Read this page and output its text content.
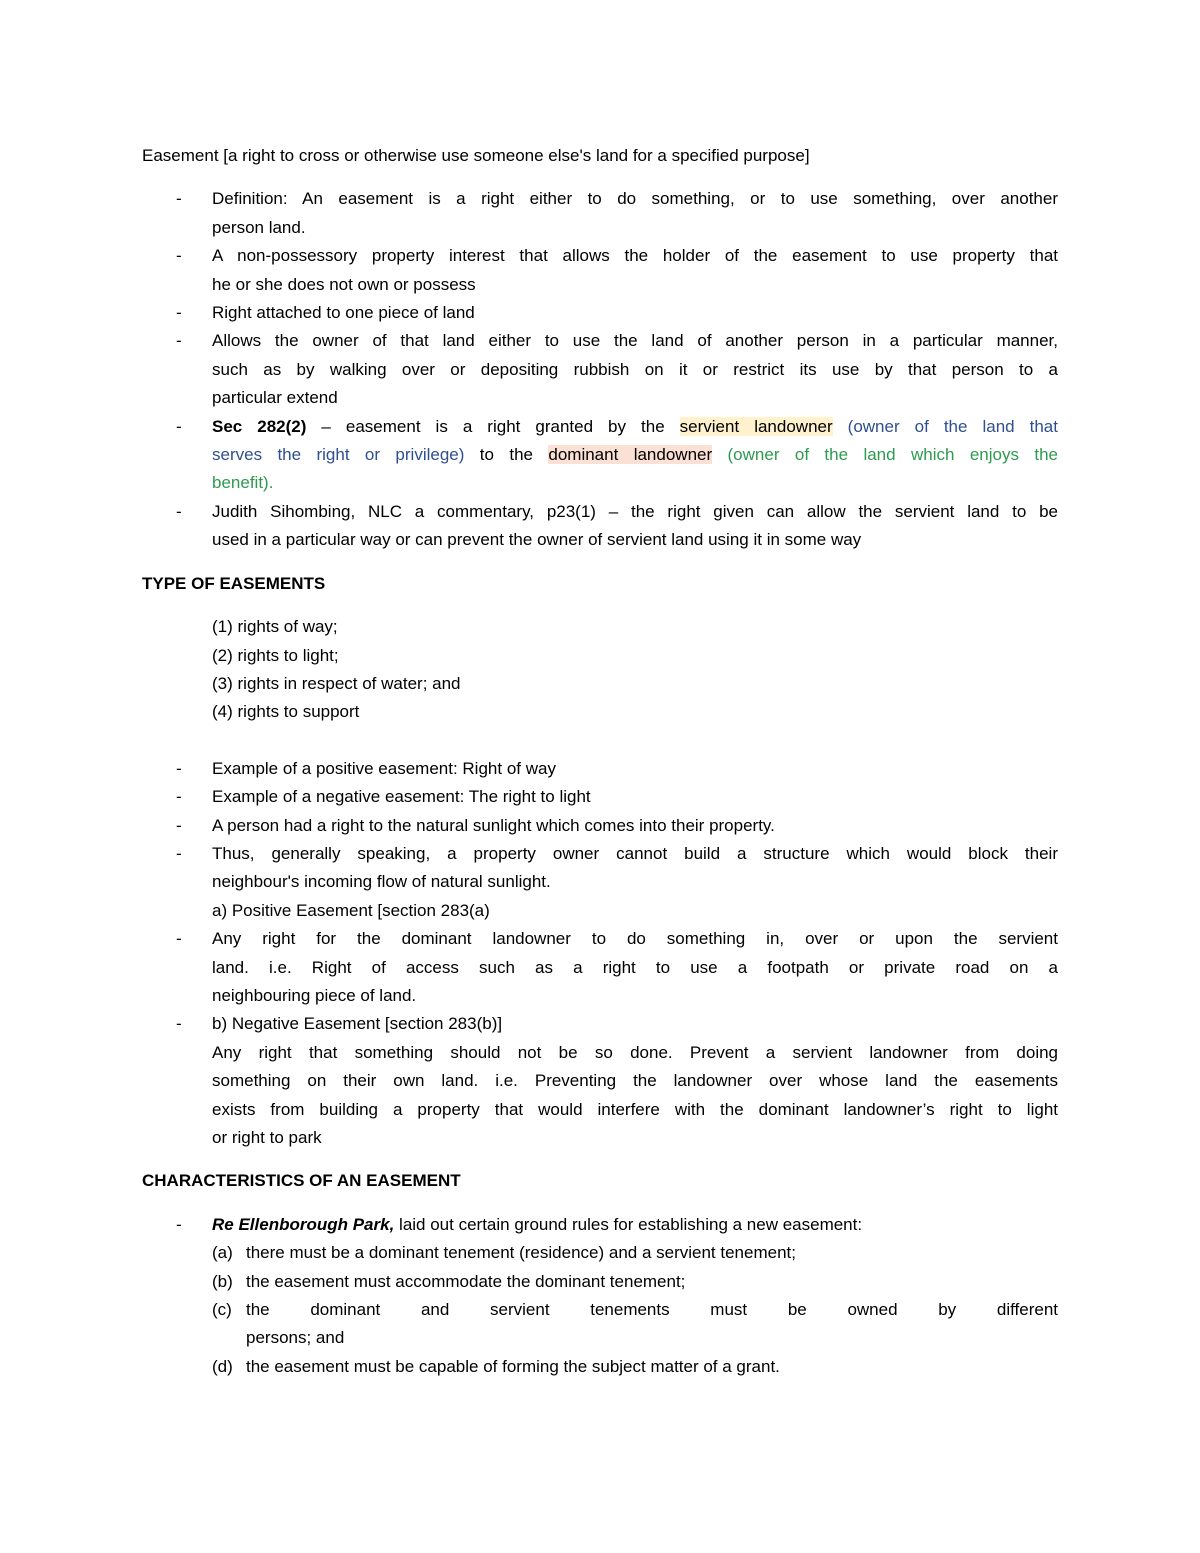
Easement [a right to cross or otherwise use someone else's land for a specified purpose]
- Definition: An easement is a right either to do something, or to use something, over another
person land.
- A non-possessory property interest that allows the holder of the easement to use property that
he or she does not own or possess
- Right attached to one piece of land
- Allows the owner of that land either to use the land of another person in a particular manner,
such as by walking over or depositing rubbish on it or restrict its use by that person to a
particular extend
- Sec 282(2) – easement is a right granted by the servient landowner (owner of the land that
serves the right or privilege) to the dominant landowner (owner of the land which enjoys the
benefit).
- Judith Sihombing, NLC a commentary, p23(1) – the right given can allow the servient land to be
used in a particular way or can prevent the owner of servient land using it in some way
TYPE OF EASEMENTS
(1) rights of way;
(2) rights to light;
(3) rights in respect of water; and
(4) rights to support
- Example of a positive easement: Right of way
- Example of a negative easement: The right to light
- A person had a right to the natural sunlight which comes into their property.
- Thus, generally speaking, a property owner cannot build a structure which would block their
neighbour's incoming flow of natural sunlight.
a) Positive Easement [section 283(a)
- Any right for the dominant landowner to do something in, over or upon the servient
land. i.e. Right of access such as a right to use a footpath or private road on a
neighbouring piece of land.
- b) Negative Easement [section 283(b)]
Any right that something should not be so done. Prevent a servient landowner from doing
something on their own land. i.e. Preventing the landowner over whose land the easements
exists from building a property that would interfere with the dominant landowner’s right to light
or right to park
CHARACTERISTICS OF AN EASEMENT
- Re Ellenborough Park, laid out certain ground rules for establishing a new easement:
(a) there must be a dominant tenement (residence) and a servient tenement;
(b) the easement must accommodate the dominant tenement;
(c) the dominant and servient tenements must be owned by different
persons; and
(d) the easement must be capable of forming the subject matter of a grant.
